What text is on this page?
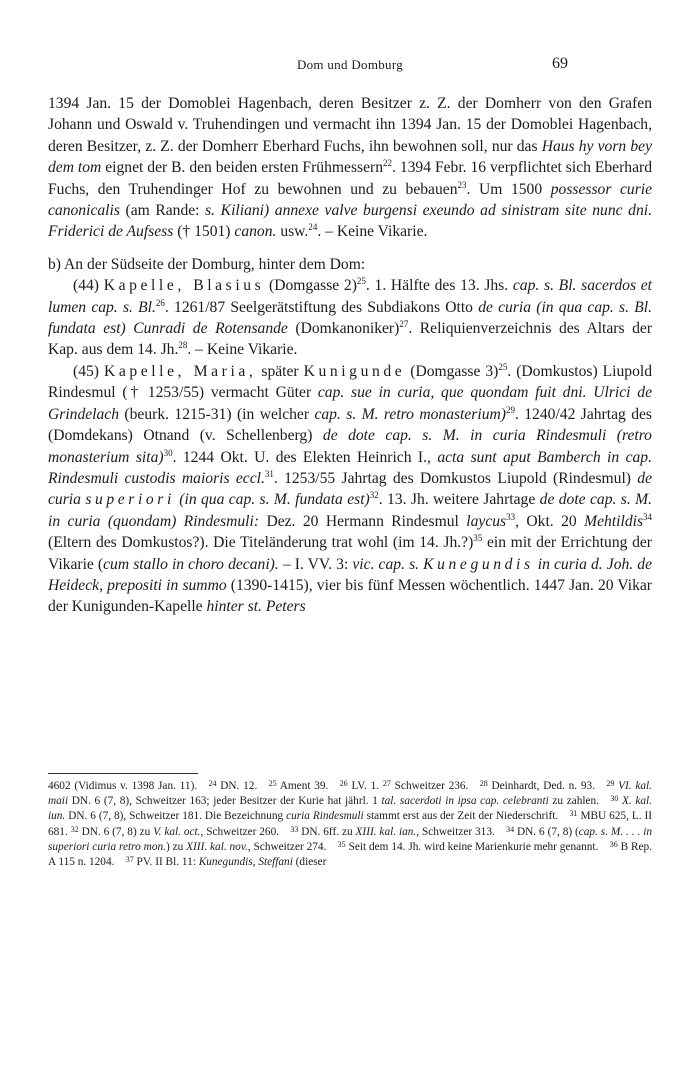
Dom und Domburg	69

1394 Jan. 15 der Domoblei Hagenbach, deren Besitzer z. Z. der Domherr von den Grafen Johann und Oswald v. Truhendingen und vermacht ihn 1394 Jan. 15 der Domoblei Hagenbach, deren Besitzer, z. Z. der Domherr Eberhard Fuchs, ihn bewohnen soll, nur das Haus hy vorn bey dem tom eignet der B. den beiden ersten Frühmessern$^{22}$. 1394 Febr. 16 verpflichtet sich Eberhard Fuchs, den Truhendinger Hof zu bewohnen und zu bebauen$^{23}$. Um 1500 possessor curie canonicalis (am Rande: s. Kiliani) annexe valve burgensi exeundo ad sinistram site nunc dni. Friderici de Aufsess († 1501) canon. usw.$^{24}$. – Keine Vikarie.

b) An der Südseite der Domburg, hinter dem Dom:

(44) Kapelle, Blasius (Domgasse 2)$^{25}$. 1. Hälfte des 13. Jhs. cap. s. Bl. sacerdos et lumen cap. s. Bl.$^{26}$. 1261/87 Seelgerätstiftung des Subdiakons Otto de curia (in qua cap. s. Bl. fundata est) Cunradi de Rotensande (Domkanoniker)$^{27}$. Reliquienverzeichnis des Altars der Kap. aus dem 14. Jh.$^{28}$. – Keine Vikarie.

(45) Kapelle, Maria, später Kunigunde (Domgasse 3)$^{25}$. (Domkustos) Liupold Rindesmul († 1253/55) vermacht Güter cap. sue in curia, que quondam fuit dni. Ulrici de Grindelach (beurk. 1215-31) (in welcher cap. s. M. retro monasterium)$^{29}$. 1240/42 Jahrtag des (Domdekans) Otnand (v. Schellenberg) de dote cap. s. M. in curia Rindesmuli (retro monasterium sita)$^{30}$. 1244 Okt. U. des Elekten Heinrich I., acta sunt aput Bamberch in cap. Rindesmuli custodis maioris eccl.$^{31}$. 1253/55 Jahrtag des Domkustos Liupold (Rindesmul) de curia superiori (in qua cap. s. M. fundata est)$^{32}$. 13. Jh. weitere Jahrtage de dote cap. s. M. in curia (quondam) Rindesmuli: Dez. 20 Hermann Rindesmul laycus$^{33}$, Okt. 20 Mehtildis$^{34}$ (Eltern des Domkustos?). Die Titeländerung trat wohl (im 14. Jh.?)$^{35}$ ein mit der Errichtung der Vikarie (cum stallo in choro decani). – I. VV. 3: vic. cap. s. Kunegundis in curia d. Joh. de Heideck, prepositi in summo (1390-1415), vier bis fünf Messen wöchentlich. 1447 Jan. 20 Vikar der Kunigunden-Kapelle hinter st. Peters

4602 (Vidimus v. 1398 Jan. 11).  $^{24}$ DN. 12.  $^{25}$ Ament 39.  $^{26}$ LV. 1. $^{27}$ Schweitzer 236.  $^{28}$ Deinhardt, Ded. n. 93.  $^{29}$ VI. kal. maii DN. 6 (7, 8), Schweitzer 163; jeder Besitzer der Kurie hat jährl. 1 tal. sacerdoti in ipsa cap. celebranti zu zahlen.  $^{30}$ X. kal. iun. DN. 6 (7, 8), Schweitzer 181. Die Bezeichnung curia Rindesmuli stammt erst aus der Zeit der Niederschrift.  $^{31}$ MBU 625, L. II 681. $^{32}$ DN. 6 (7, 8) zu V. kal. oct., Schweitzer 260.  $^{33}$ DN. 6ff. zu XIII. kal. ian., Schweitzer 313.  $^{34}$ DN. 6 (7, 8) (cap. s. M. . . . in superiori curia retro mon.) zu XIII. kal. nov., Schweitzer 274.  $^{35}$ Seit dem 14. Jh. wird keine Marienkurie mehr genannt.  $^{36}$ B Rep. A 115 n. 1204.  $^{37}$ PV. II Bl. 11: Kunegundis, Steffani (dieser
